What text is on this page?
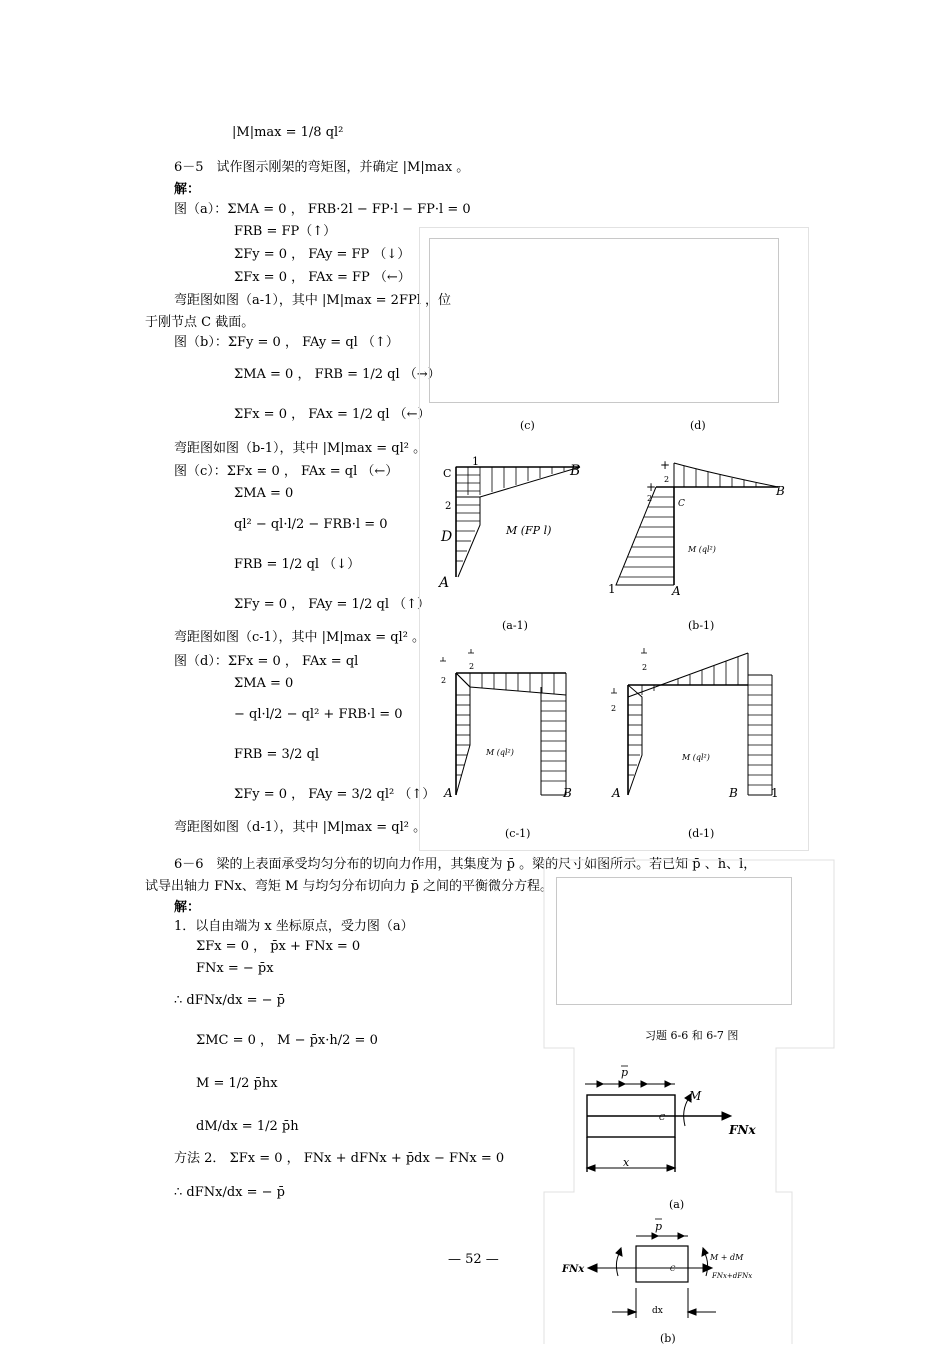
|M|max = 1/8 ql²
6－5　试作图示刚架的弯矩图，并确定 |M|max 。
解：
图（a）：ΣMA = 0 ， FRB·2l − FP·l − FP·l = 0
FRB = FP（↑）
ΣFy = 0 ， FAy = FP （↓）
ΣFx = 0 ， FAx = FP （←）
弯距图如图（a-1），其中 |M|max = 2FPl ，位
于刚节点 C 截面。
图（b）：ΣFy = 0 ， FAy = ql （↑）
ΣMA = 0 ， FRB = 1/2 ql （→）
ΣFx = 0 ， FAx = 1/2 ql （←）
弯距图如图（b-1），其中 |M|max = ql² 。
图（c）：ΣFx = 0 ， FAx = ql （←）
ΣMA = 0
ql² − ql·l/2 − FRB·l = 0
FRB = 1/2 ql （↓）
ΣFy = 0 ， FAy = 1/2 ql （↑）
弯距图如图（c-1），其中 |M|max = ql² 。
图（d）：ΣFx = 0 ， FAx = ql
ΣMA = 0
− ql·l/2 − ql² + FRB·l = 0
FRB = 3/2 ql
ΣFy = 0 ， FAy = 3/2 ql² （↑）
弯距图如图（d-1），其中 |M|max = ql² 。
6－6　梁的上表面承受均匀分布的切向力作用，其集度为 p̄ 。梁的尺寸如图所示。若已知 p̄ 、h、l，
试导出轴力 FNx、弯矩 M 与均匀分布切向力 p̄ 之间的平衡微分方程。
解：
1．以自由端为 x 坐标原点，受力图（a）
ΣFx = 0 ， p̄x + FNx = 0
FNx = − p̄x
∴ dFNx/dx = − p̄
ΣMC = 0 ， M − p̄x·h/2 = 0
M = 1/2 p̄hx
dM/dx = 1/2 p̄h
方法 2． ΣFx = 0 ， FNx + dFNx + p̄dx − FNx = 0
∴ dFNx/dx = − p̄
— 52 —
(c)	(d)
C
1
2
D
A
B
M (FP l)
+
2
+
2
B
C
M (ql²)
1	A
(a-1)	(b-1)
2
2
M (ql²)
A	B
2
2
M (ql²)
A	B	1
(c-1)	(d-1)
习题 6-6 和 6-7 图
p
M
C
FNx
x
(a)
p
FNx
M + dM
FNx+dFNx
C
dx
(b)
